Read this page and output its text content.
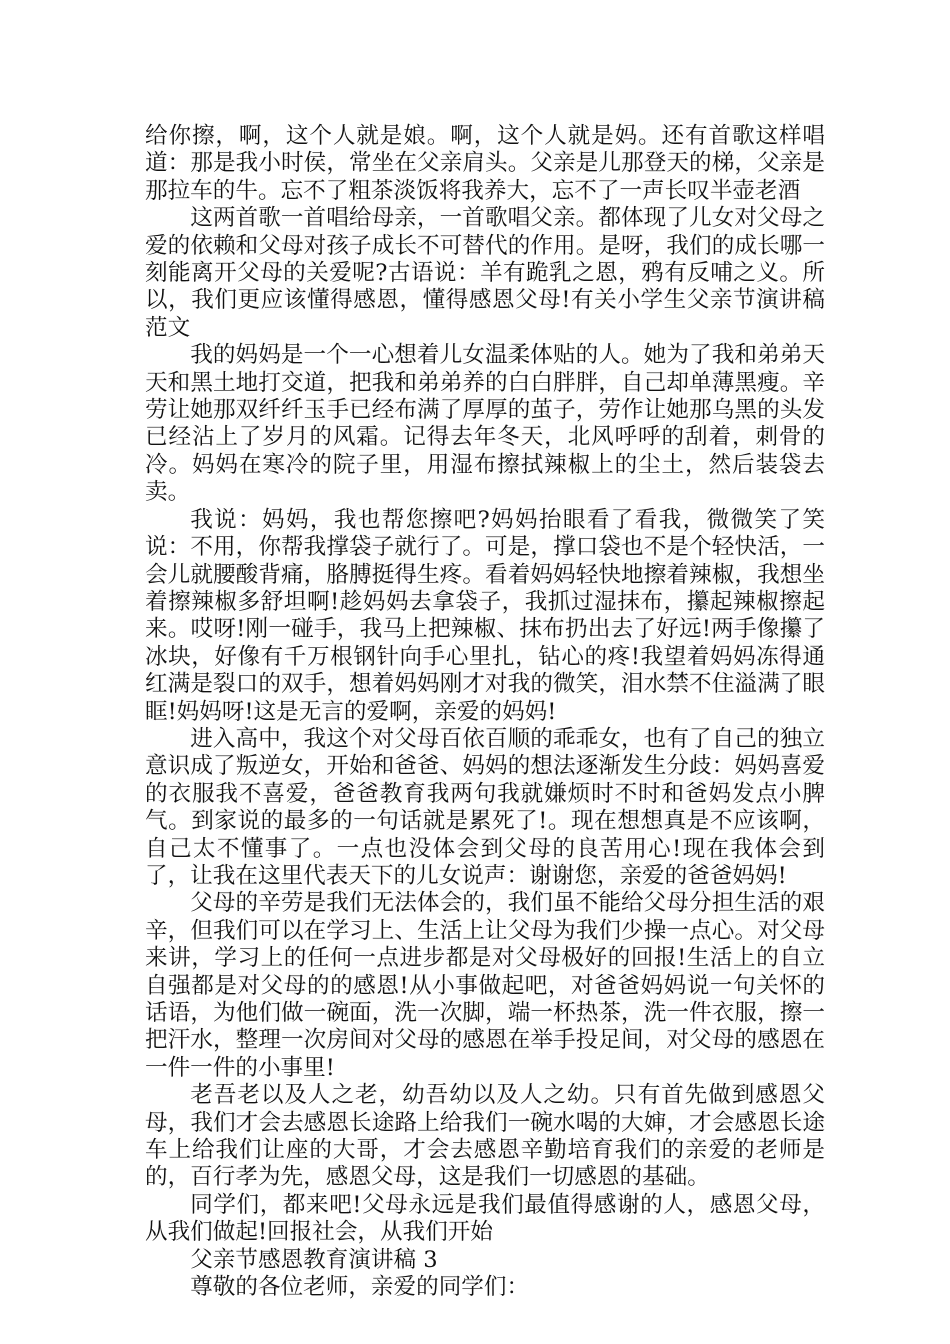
给你擦，啊，这个人就是娘。啊，这个人就是妈。还有首歌这样唱道：那是我小时侯，常坐在父亲肩头。父亲是儿那登天的梯，父亲是那拉车的牛。忘不了粗茶淡饭将我养大，忘不了一声长叹半壶老酒

这两首歌一首唱给母亲，一首歌唱父亲。都体现了儿女对父母之爱的依赖和父母对孩子成长不可替代的作用。是呀，我们的成长哪一刻能离开父母的关爱呢?古语说：羊有跪乳之恩，鸦有反哺之义。所以，我们更应该懂得感恩，懂得感恩父母!有关小学生父亲节演讲稿范文

我的妈妈是一个一心想着儿女温柔体贴的人。她为了我和弟弟天天和黑土地打交道，把我和弟弟养的白白胖胖，自己却单薄黑瘦。辛劳让她那双纤纤玉手已经布满了厚厚的茧子，劳作让她那乌黑的头发已经沾上了岁月的风霜。记得去年冬天，北风呼呼的刮着，刺骨的冷。妈妈在寒冷的院子里，用湿布擦拭辣椒上的尘土，然后装袋去卖。

我说：妈妈，我也帮您擦吧?妈妈抬眼看了看我，微微笑了笑说：不用，你帮我撑袋子就行了。可是，撑口袋也不是个轻快活，一会儿就腰酸背痛，胳膊挺得生疼。看着妈妈轻快地擦着辣椒，我想坐着擦辣椒多舒坦啊!趁妈妈去拿袋子，我抓过湿抹布，攥起辣椒擦起来。哎呀!刚一碰手，我马上把辣椒、抹布扔出去了好远!两手像攥了冰块，好像有千万根钢针向手心里扎，钻心的疼!我望着妈妈冻得通红满是裂口的双手，想着妈妈刚才对我的微笑，泪水禁不住溢满了眼眶!妈妈呀!这是无言的爱啊，亲爱的妈妈!

进入高中，我这个对父母百依百顺的乖乖女，也有了自己的独立意识成了叛逆女，开始和爸爸、妈妈的想法逐渐发生分歧：妈妈喜爱的衣服我不喜爱，爸爸教育我两句我就嫌烦时不时和爸妈发点小脾气。到家说的最多的一句话就是累死了!。现在想想真是不应该啊，自己太不懂事了。一点也没体会到父母的良苦用心!现在我体会到了，让我在这里代表天下的儿女说声：谢谢您，亲爱的爸爸妈妈!

父母的辛劳是我们无法体会的，我们虽不能给父母分担生活的艰辛，但我们可以在学习上、生活上让父母为我们少操一点心。对父母来讲，学习上的任何一点进步都是对父母极好的回报!生活上的自立自强都是对父母的的感恩!从小事做起吧，对爸爸妈妈说一句关怀的话语，为他们做一碗面，洗一次脚，端一杯热茶，洗一件衣服，擦一把汗水，整理一次房间对父母的感恩在举手投足间，对父母的感恩在一件一件的小事里!

老吾老以及人之老，幼吾幼以及人之幼。只有首先做到感恩父母，我们才会去感恩长途路上给我们一碗水喝的大婶，才会感恩长途车上给我们让座的大哥，才会去感恩辛勤培育我们的亲爱的老师是的，百行孝为先，感恩父母，这是我们一切感恩的基础。

同学们，都来吧!父母永远是我们最值得感谢的人，感恩父母，从我们做起!回报社会，从我们开始

父亲节感恩教育演讲稿 3

尊敬的各位老师，亲爱的同学们：
